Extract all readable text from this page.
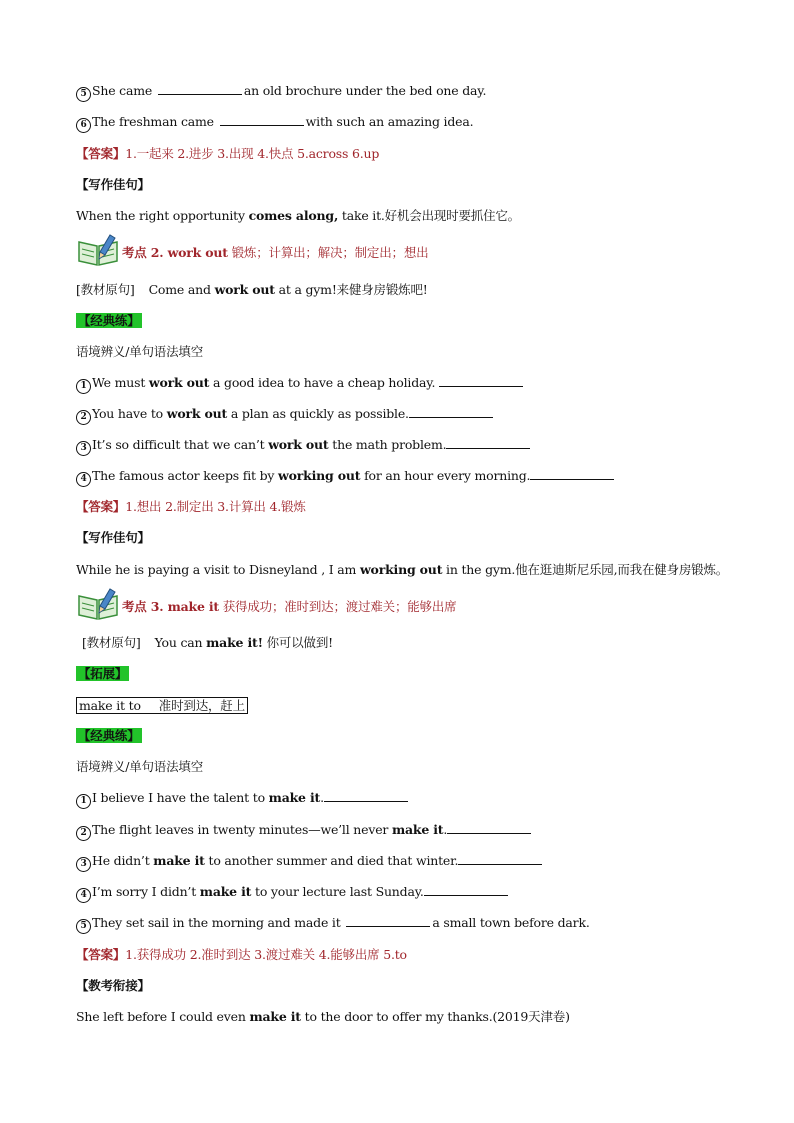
5 She came	an old brochure under the bed one day.
6 The freshman came	with such an amazing idea.
【答案】1.一起来 2.进步 3.出现 4.快点 5.across 6.up
【写作佳句】
When the right opportunity comes along, take it.好机会出现时要抓住它。
考点 2. work out 锻炼；计算出；解决；制定出；想出
[教材原句] Come and work out at a gym!来健身房锻炼吧!
【经典练】
语境辨义/单句语法填空
1 We must work out a good idea to have a cheap holiday.
2 You have to work out a plan as quickly as possible.
3 It’s so difficult that we can’t work out the math problem.
4 The famous actor keeps fit by working out for an hour every morning.
【答案】1.想出 2.制定出 3.计算出 4.锻炼
【写作佳句】
While he is paying a visit to Disneyland , I am working out in the gym.他在逛迪斯尼乐园,而我在健身房锻炼。
考点 3. make it 获得成功；准时到达；渡过难关；能够出席
[教材原句] You can make it! 你可以做到!
【拓展】
make it to 准时到达，赶上
【经典练】
语境辨义/单句语法填空
1 I believe I have the talent to make it.
2 The flight leaves in twenty minutes—we’ll never make it.
3 He didn’t make it to another summer and died that winter.
4 I’m sorry I didn’t make it to your lecture last Sunday.
5 They set sail in the morning and made it	a small town before dark.
【答案】1.获得成功 2.准时到达 3.渡过难关 4.能够出席 5.to
【教考衔接】
She left before I could even make it to the door to offer my thanks.(2019天津卷)
